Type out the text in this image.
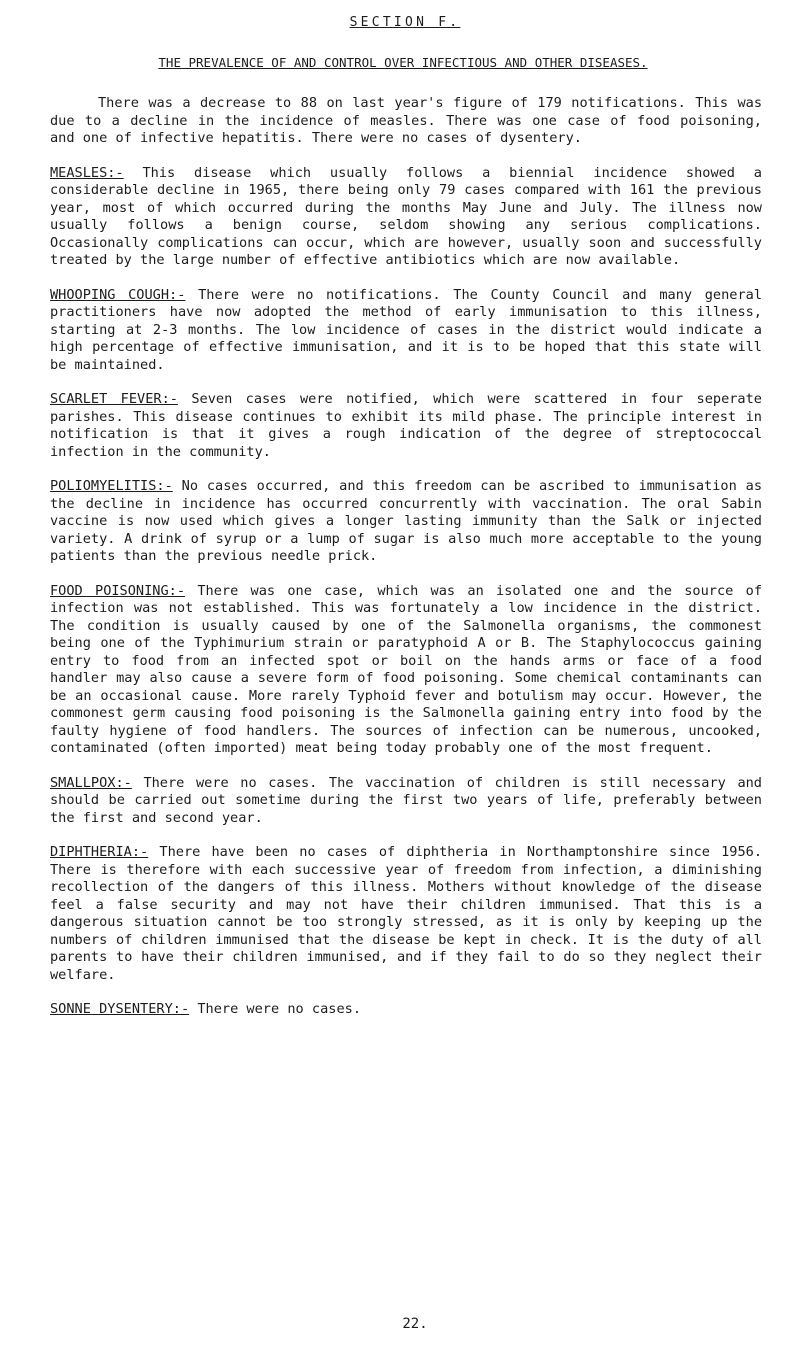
SECTION F.
THE PREVALENCE OF AND CONTROL OVER INFECTIOUS AND OTHER DISEASES.

There was a decrease to 88 on last year's figure of 179 notifications. This was due to a decline in the incidence of measles. There was one case of food poisoning, and one of infective hepatitis. There were no cases of dysentery.

MEASLES:- This disease which usually follows a biennial incidence showed a considerable decline in 1965, there being only 79 cases compared with 161 the previous year, most of which occurred during the months May June and July. The illness now usually follows a benign course, seldom showing any serious complications. Occasionally complications can occur, which are however, usually soon and successfully treated by the large number of effective antibiotics which are now available.

WHOOPING COUGH:- There were no notifications. The County Council and many general practitioners have now adopted the method of early immunisation to this illness, starting at 2-3 months. The low incidence of cases in the district would indicate a high percentage of effective immunisation, and it is to be hoped that this state will be maintained.

SCARLET FEVER:- Seven cases were notified, which were scattered in four seperate parishes. This disease continues to exhibit its mild phase. The principle interest in notification is that it gives a rough indication of the degree of streptococcal infection in the community.

POLIOMYELITIS:- No cases occurred, and this freedom can be ascribed to immunisation as the decline in incidence has occurred concurrently with vaccination. The oral Sabin vaccine is now used which gives a longer lasting immunity than the Salk or injected variety. A drink of syrup or a lump of sugar is also much more acceptable to the young patients than the previous needle prick.

FOOD POISONING:- There was one case, which was an isolated one and the source of infection was not established. This was fortunately a low incidence in the district. The condition is usually caused by one of the Salmonella organisms, the commonest being one of the Typhimurium strain or paratyphoid A or B. The Staphylococcus gaining entry to food from an infected spot or boil on the hands arms or face of a food handler may also cause a severe form of food poisoning. Some chemical contaminants can be an occasional cause. More rarely Typhoid fever and botulism may occur. However, the commonest germ causing food poisoning is the Salmonella gaining entry into food by the faulty hygiene of food handlers. The sources of infection can be numerous, uncooked, contaminated (often imported) meat being today probably one of the most frequent.

SMALLPOX:- There were no cases. The vaccination of children is still necessary and should be carried out sometime during the first two years of life, preferably between the first and second year.

DIPHTHERIA:- There have been no cases of diphtheria in Northamptonshire since 1956. There is therefore with each successive year of freedom from infection, a diminishing recollection of the dangers of this illness. Mothers without knowledge of the disease feel a false security and may not have their children immunised. That this is a dangerous situation cannot be too strongly stressed, as it is only by keeping up the numbers of children immunised that the disease be kept in check. It is the duty of all parents to have their children immunised, and if they fail to do so they neglect their welfare.

SONNE DYSENTERY:- There were no cases.

22.
